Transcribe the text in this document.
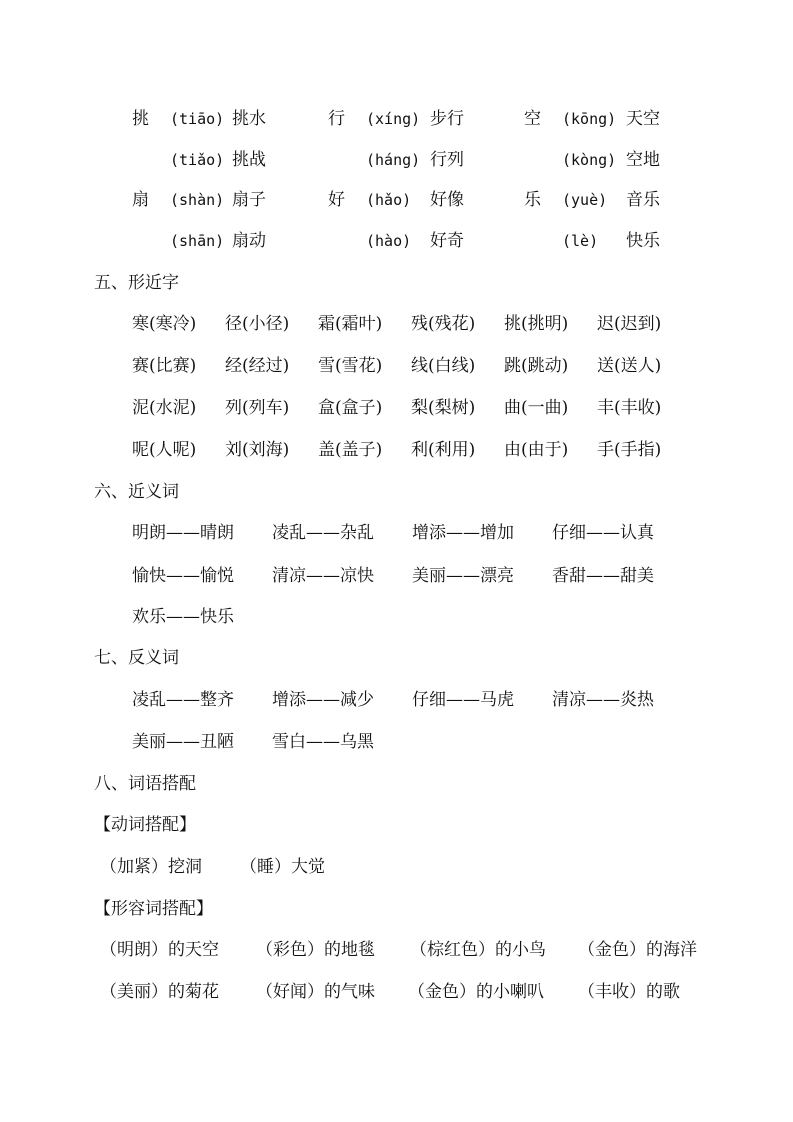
挑 (tiāo) 挑水	行 (xíng) 步行	空 (kōng) 天空
(tiǎo) 挑战	(háng) 行列	(kòng) 空地
扇 (shàn) 扇子	好 (hǎo) 好像	乐 (yuè) 音乐
(shān) 扇动	(hào) 好奇	(lè) 快乐
五、形近字
寒(寒冷) 径(小径) 霜(霜叶) 残(残花) 挑(挑明) 迟(迟到)
赛(比赛) 经(经过) 雪(雪花) 线(白线) 跳(跳动) 送(送人)
泥(水泥) 列(列车) 盒(盒子) 梨(梨树) 曲(一曲) 丰(丰收)
呢(人呢) 刘(刘海) 盖(盖子) 利(利用) 由(由于) 手(手指)
六、近义词
明朗——晴朗 凌乱——杂乱 增添——增加 仔细——认真
愉快——愉悦 清凉——凉快 美丽——漂亮 香甜——甜美
欢乐——快乐
七、反义词
凌乱——整齐 增添——减少 仔细——马虎 清凉——炎热
美丽——丑陋 雪白——乌黑
八、词语搭配
【动词搭配】
（加紧）挖洞 （睡）大觉
【形容词搭配】
（明朗）的天空 （彩色）的地毯 （棕红色）的小鸟 （金色）的海洋
（美丽）的菊花 （好闻）的气味 （金色）的小喇叭 （丰收）的歌
